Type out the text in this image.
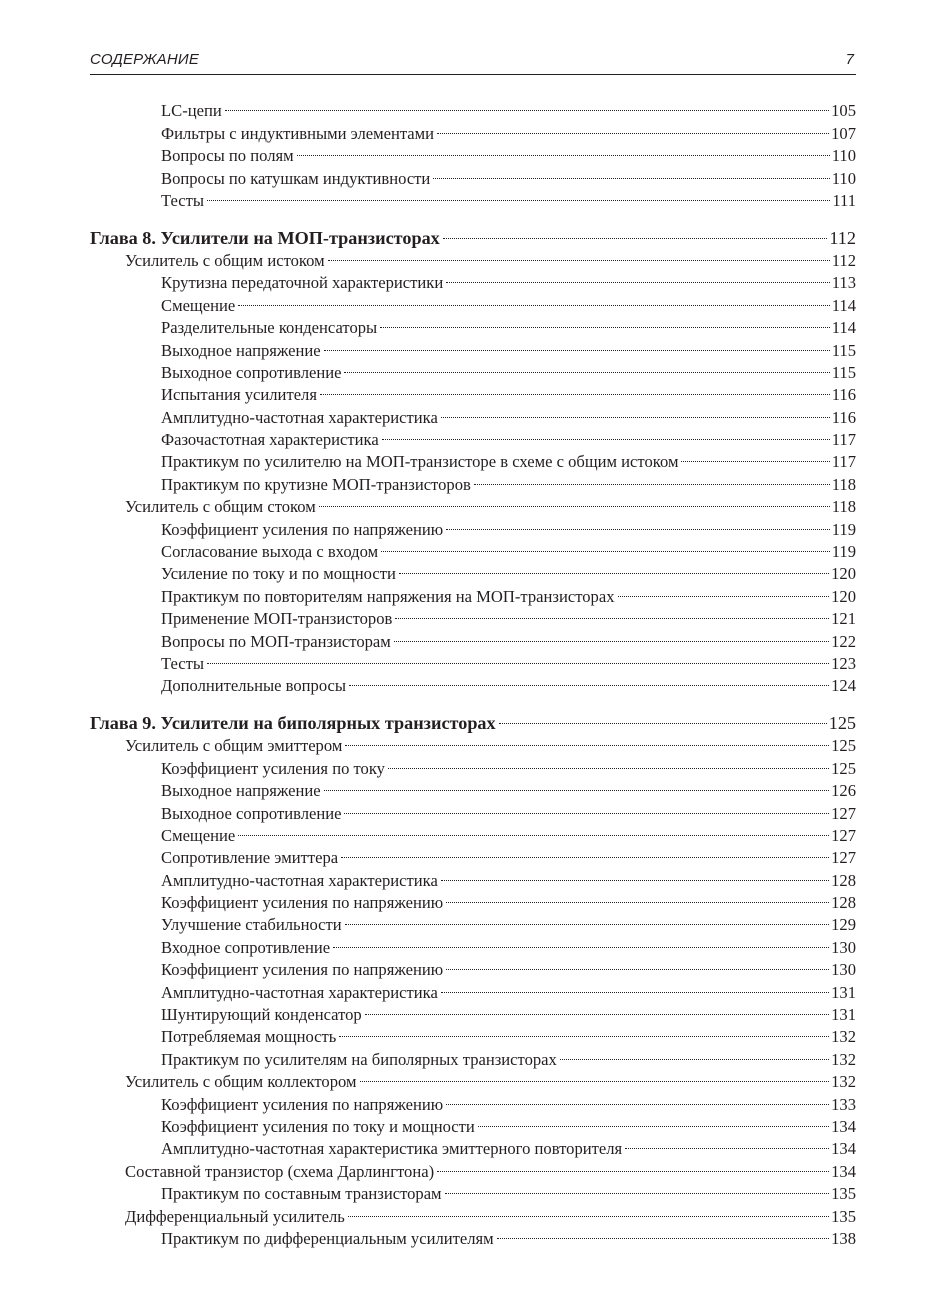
СОДЕРЖАНИЕ	7
LC-цепи	105
Фильтры с индуктивными элементами	107
Вопросы по полям	110
Вопросы по катушкам индуктивности	110
Тесты	111
Глава 8. Усилители на МОП-транзисторах	112
Усилитель с общим истоком	112
Крутизна передаточной характеристики	113
Смещение	114
Разделительные конденсаторы	114
Выходное напряжение	115
Выходное сопротивление	115
Испытания усилителя	116
Амплитудно-частотная характеристика	116
Фазочастотная характеристика	117
Практикум по усилителю на МОП-транзисторе в схеме с общим истоком	117
Практикум по крутизне МОП-транзисторов	118
Усилитель с общим стоком	118
Коэффициент усиления по напряжению	119
Согласование выхода с входом	119
Усиление по току и по мощности	120
Практикум по повторителям напряжения на МОП-транзисторах	120
Применение МОП-транзисторов	121
Вопросы по МОП-транзисторам	122
Тесты	123
Дополнительные вопросы	124
Глава 9. Усилители на биполярных транзисторах	125
Усилитель с общим эмиттером	125
Коэффициент усиления по току	125
Выходное напряжение	126
Выходное сопротивление	127
Смещение	127
Сопротивление эмиттера	127
Амплитудно-частотная характеристика	128
Коэффициент усиления по напряжению	128
Улучшение стабильности	129
Входное сопротивление	130
Коэффициент усиления по напряжению	130
Амплитудно-частотная характеристика	131
Шунтирующий конденсатор	131
Потребляемая мощность	132
Практикум по усилителям на биполярных транзисторах	132
Усилитель с общим коллектором	132
Коэффициент усиления по напряжению	133
Коэффициент усиления по току и мощности	134
Амплитудно-частотная характеристика эмиттерного повторителя	134
Составной транзистор (схема Дарлингтона)	134
Практикум по составным транзисторам	135
Дифференциальный усилитель	135
Практикум по дифференциальным усилителям	138
